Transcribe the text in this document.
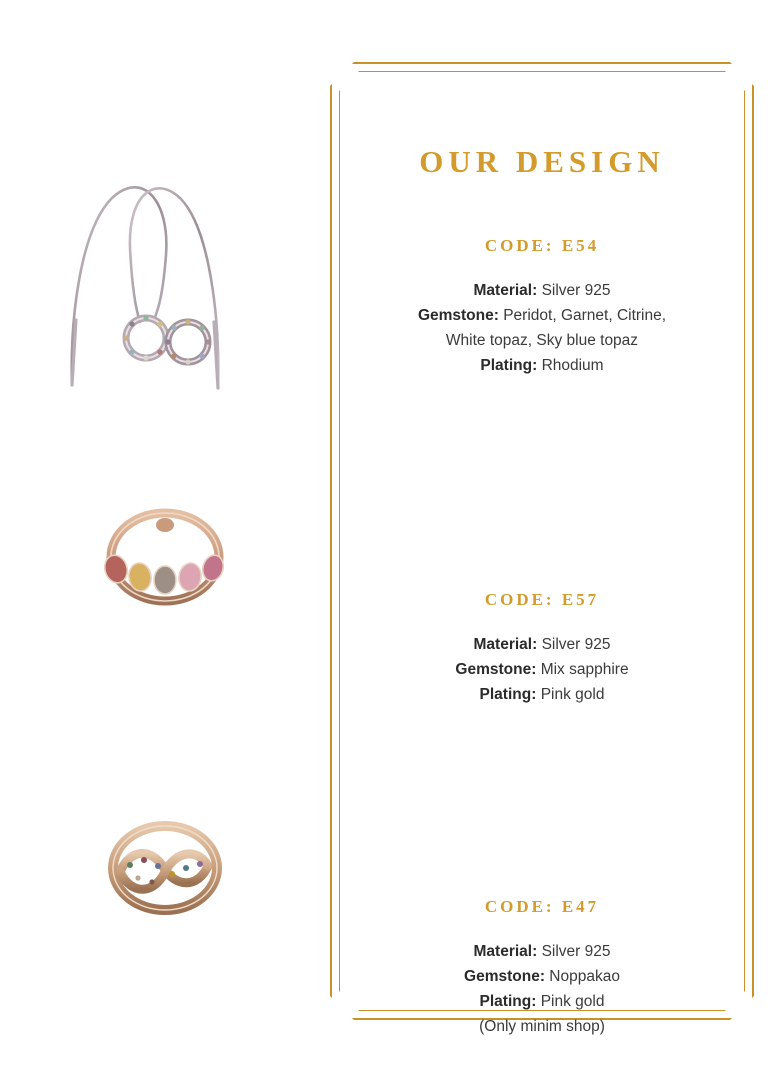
OUR DESIGN
CODE: E54
Material: Silver 925
Gemstone: Peridot, Garnet, Citrine,
White topaz, Sky blue topaz
Plating: Rhodium
CODE: E57
Material: Silver 925
Gemstone: Mix sapphire
Plating: Pink gold
CODE: E47
Material: Silver 925
Gemstone: Noppakao
Plating: Pink gold
(Only minim shop)
